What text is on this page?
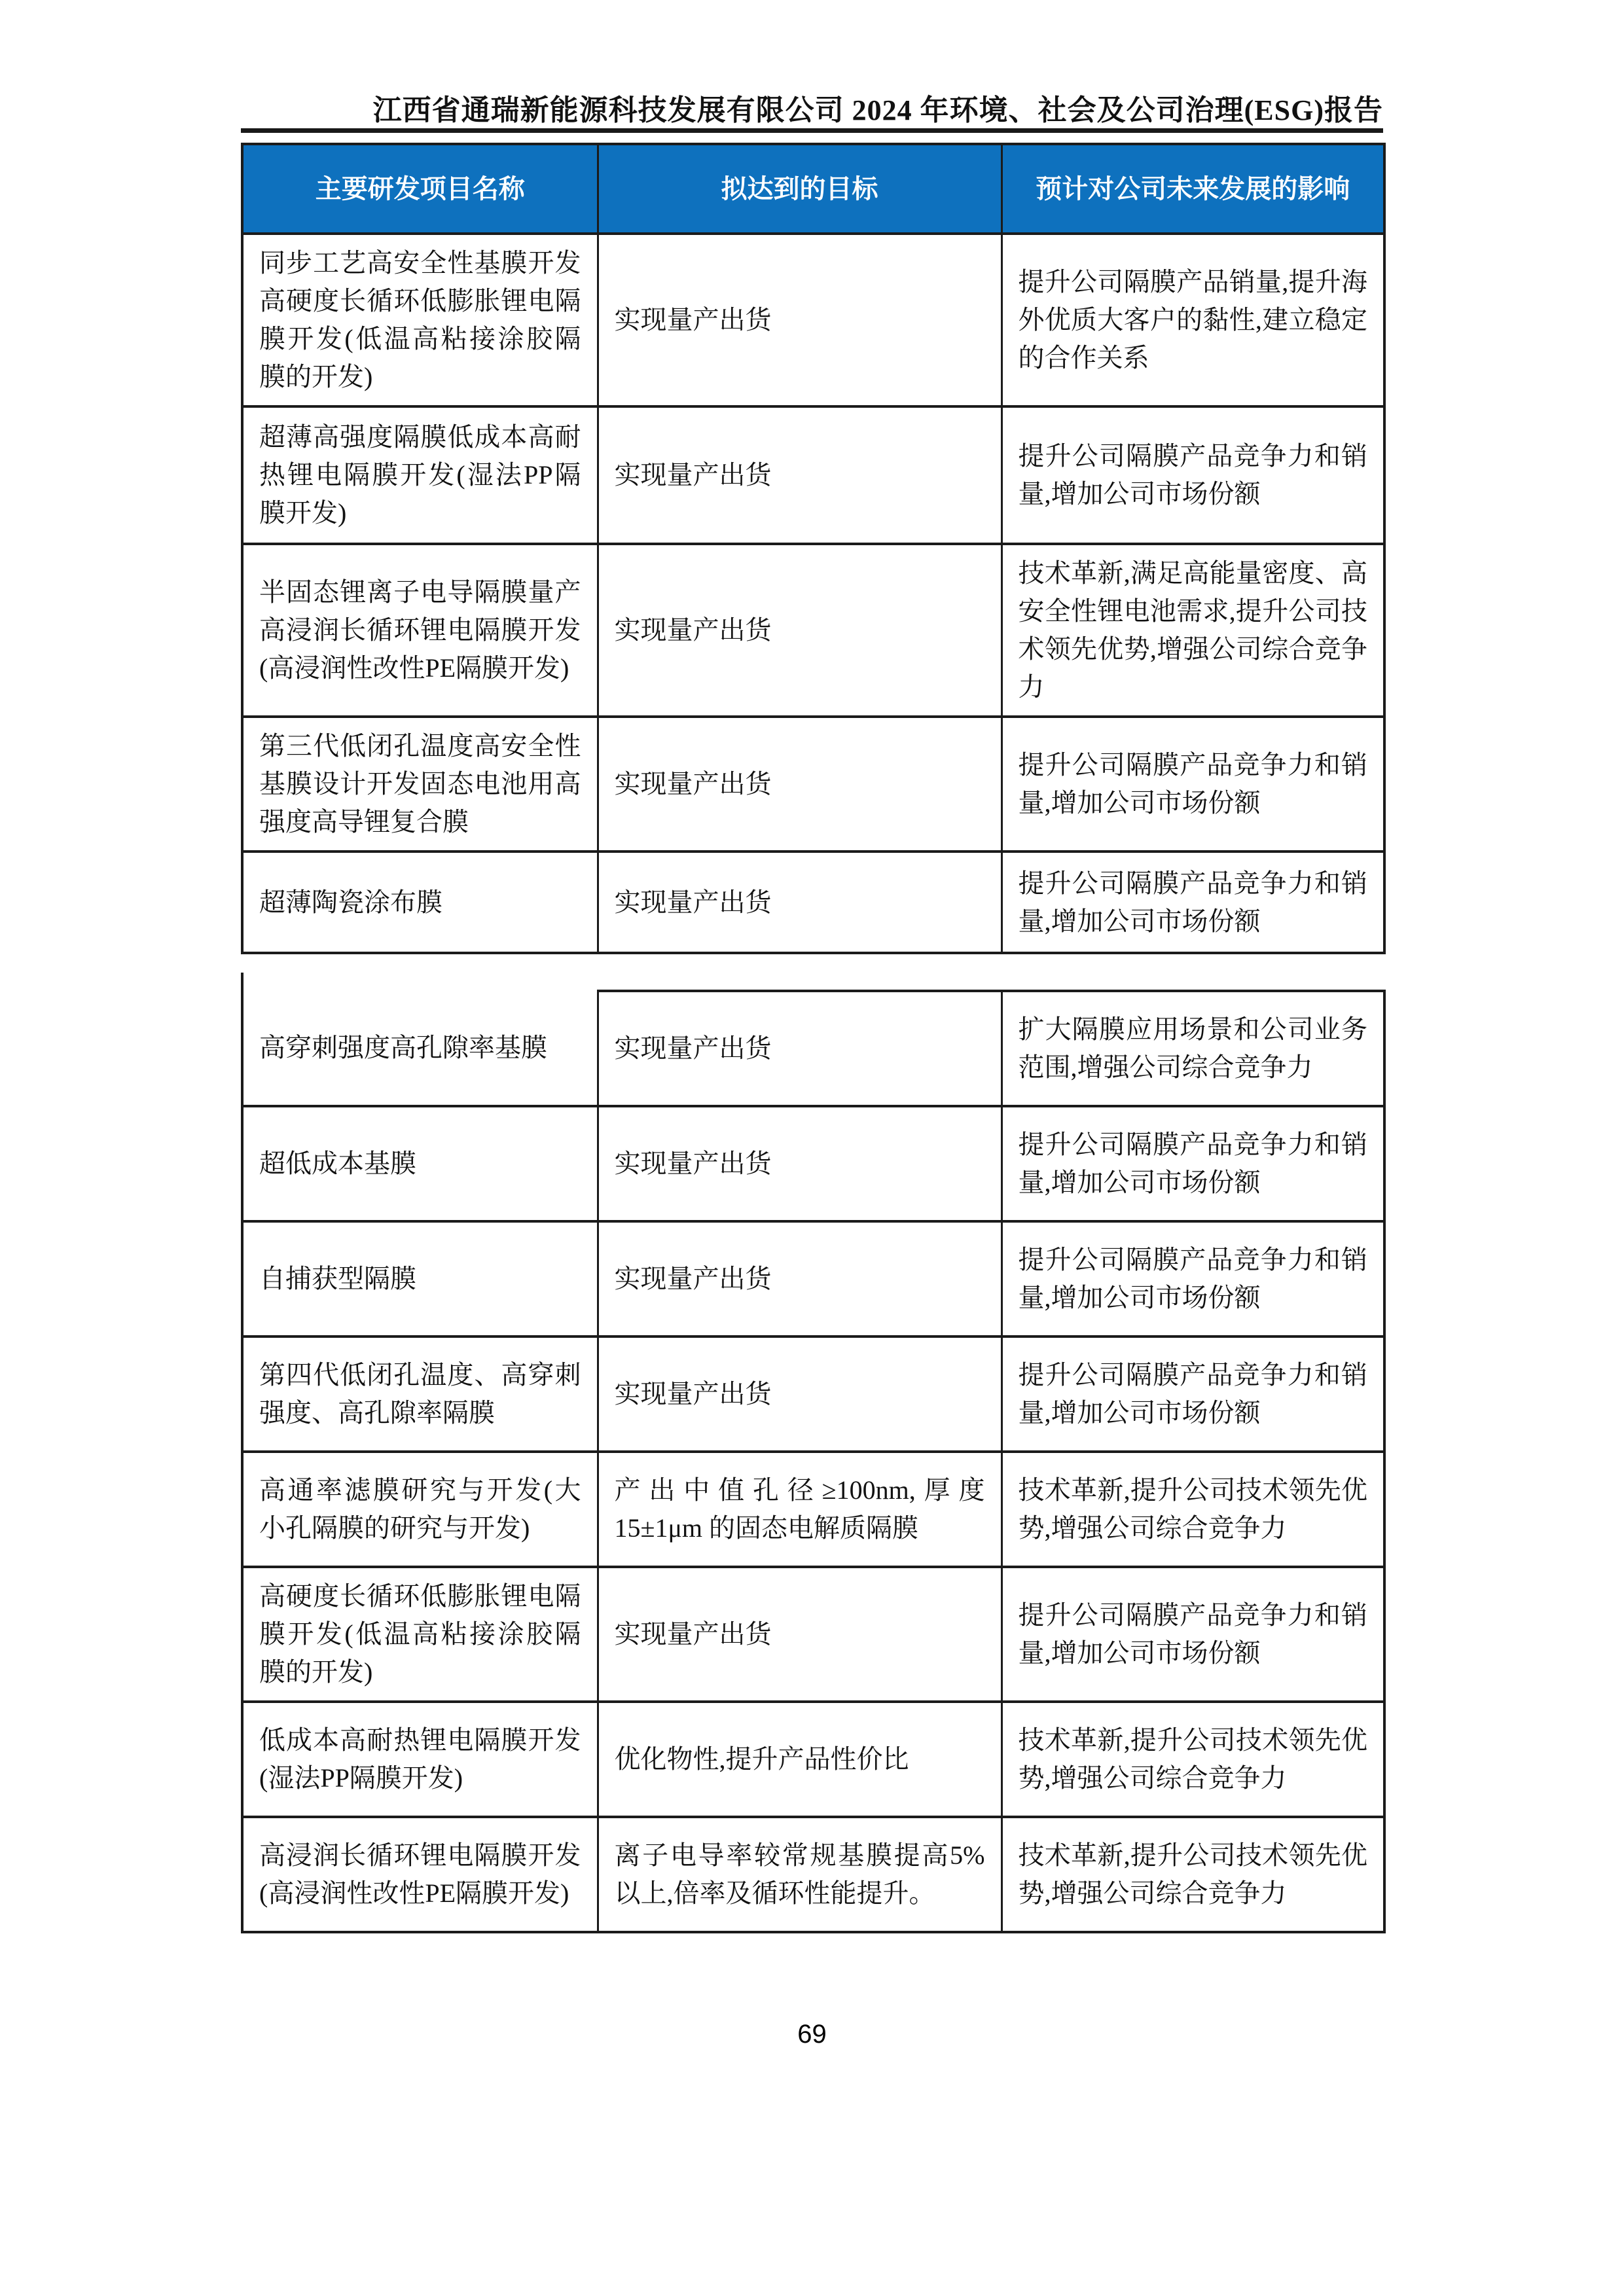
江西省通瑞新能源科技发展有限公司 2024 年环境、社会及公司治理(ESG)报告
主要研发项目名称	拟达到的目标	预计对公司未来发展的影响
同步工艺高安全性基膜开发高硬度长循环低膨胀锂电隔膜开发(低温高粘接涂胶隔膜的开发)	实现量产出货	提升公司隔膜产品销量,提升海外优质大客户的黏性,建立稳定的合作关系
超薄高强度隔膜低成本高耐热锂电隔膜开发(湿法PP隔膜开发)	实现量产出货	提升公司隔膜产品竞争力和销量,增加公司市场份额
半固态锂离子电导隔膜量产高浸润长循环锂电隔膜开发(高浸润性改性PE隔膜开发)	实现量产出货	技术革新,满足高能量密度、高安全性锂电池需求,提升公司技术领先优势,增强公司综合竞争力
第三代低闭孔温度高安全性基膜设计开发固态电池用高强度高导锂复合膜	实现量产出货	提升公司隔膜产品竞争力和销量,增加公司市场份额
超薄陶瓷涂布膜	实现量产出货	提升公司隔膜产品竞争力和销量,增加公司市场份额
高穿刺强度高孔隙率基膜	实现量产出货	扩大隔膜应用场景和公司业务范围,增强公司综合竞争力
超低成本基膜	实现量产出货	提升公司隔膜产品竞争力和销量,增加公司市场份额
自捕获型隔膜	实现量产出货	提升公司隔膜产品竞争力和销量,增加公司市场份额
第四代低闭孔温度、高穿刺强度、高孔隙率隔膜	实现量产出货	提升公司隔膜产品竞争力和销量,增加公司市场份额
高通率滤膜研究与开发(大小孔隔膜的研究与开发)	产出中值孔径≥100nm,厚度15±1μm 的固态电解质隔膜	技术革新,提升公司技术领先优势,增强公司综合竞争力
高硬度长循环低膨胀锂电隔膜开发(低温高粘接涂胶隔膜的开发)	实现量产出货	提升公司隔膜产品竞争力和销量,增加公司市场份额
低成本高耐热锂电隔膜开发(湿法PP隔膜开发)	优化物性,提升产品性价比	技术革新,提升公司技术领先优势,增强公司综合竞争力
高浸润长循环锂电隔膜开发(高浸润性改性PE隔膜开发)	离子电导率较常规基膜提高5%以上,倍率及循环性能提升。	技术革新,提升公司技术领先优势,增强公司综合竞争力
69
